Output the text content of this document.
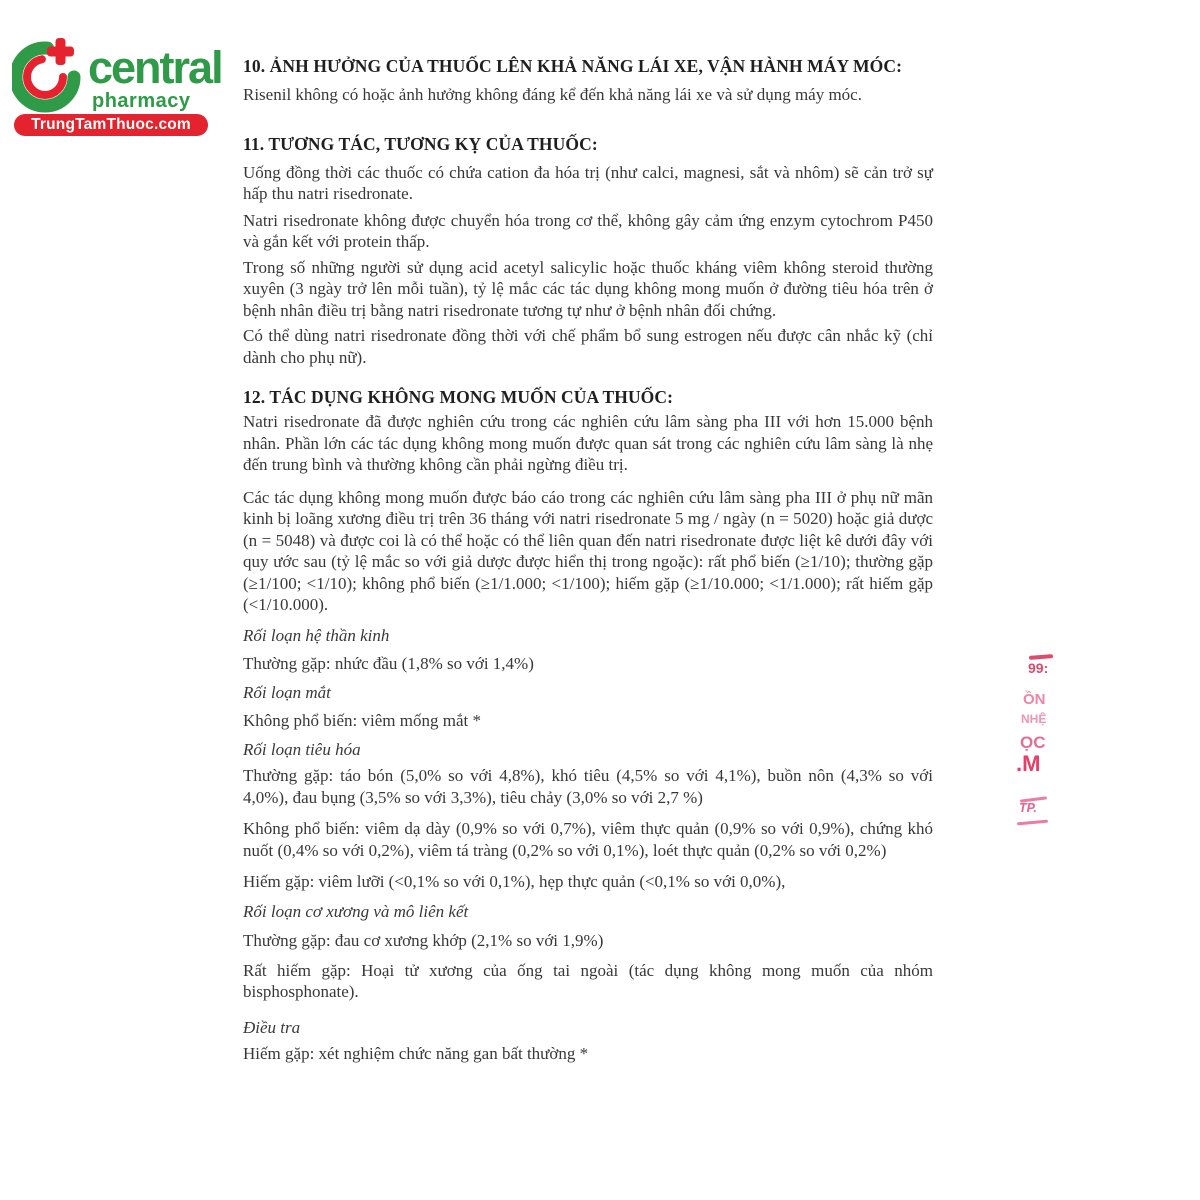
central
pharmacy
TrungTamThuoc.com
10. ẢNH HƯỞNG CỦA THUỐC LÊN KHẢ NĂNG LÁI XE, VẬN HÀNH MÁY MÓC:
Risenil không có hoặc ảnh hưởng không đáng kể đến khả năng lái xe và sử dụng máy móc.
11. TƯƠNG TÁC, TƯƠNG KỴ CỦA THUỐC:
Uống đồng thời các thuốc có chứa cation đa hóa trị (như calci, magnesi, sắt và nhôm) sẽ cản trở sự hấp thu natri risedronate.
Natri risedronate không được chuyển hóa trong cơ thể, không gây cảm ứng enzym cytochrom P450 và gắn kết với protein thấp.
Trong số những người sử dụng acid acetyl salicylic hoặc thuốc kháng viêm không steroid thường xuyên (3 ngày trở lên mỗi tuần), tỷ lệ mắc các tác dụng không mong muốn ở đường tiêu hóa trên ở bệnh nhân điều trị bằng natri risedronate tương tự như ở bệnh nhân đối chứng.
Có thể dùng natri risedronate đồng thời với chế phẩm bổ sung estrogen nếu được cân nhắc kỹ (chỉ dành cho phụ nữ).
12. TÁC DỤNG KHÔNG MONG MUỐN CỦA THUỐC:
Natri risedronate đã được nghiên cứu trong các nghiên cứu lâm sàng pha III với hơn 15.000 bệnh nhân. Phần lớn các tác dụng không mong muốn được quan sát trong các nghiên cứu lâm sàng là nhẹ đến trung bình và thường không cần phải ngừng điều trị.
Các tác dụng không mong muốn được báo cáo trong các nghiên cứu lâm sàng pha III ở phụ nữ mãn kinh bị loãng xương điều trị trên 36 tháng với natri risedronate 5 mg / ngày (n = 5020) hoặc giả dược (n = 5048) và được coi là có thể hoặc có thể liên quan đến natri risedronate được liệt kê dưới đây với quy ước sau (tỷ lệ mắc so với giả dược được hiển thị trong ngoặc): rất phổ biến (≥1/10); thường gặp (≥1/100; <1/10); không phổ biến (≥1/1.000; <1/100); hiếm gặp (≥1/10.000; <1/1.000); rất hiếm gặp (<1/10.000).
Rối loạn hệ thần kinh
Thường gặp: nhức đầu (1,8% so với 1,4%)
Rối loạn mắt
Không phổ biến: viêm mống mắt *
Rối loạn tiêu hóa
Thường gặp: táo bón (5,0% so với 4,8%), khó tiêu (4,5% so với 4,1%), buồn nôn (4,3% so với 4,0%), đau bụng (3,5% so với 3,3%), tiêu chảy (3,0% so với 2,7 %)
Không phổ biến: viêm dạ dày (0,9% so với 0,7%), viêm thực quản (0,9% so với 0,9%), chứng khó nuốt (0,4% so với 0,2%), viêm tá tràng (0,2% so với 0,1%), loét thực quản (0,2% so với 0,2%)
Hiếm gặp: viêm lưỡi (<0,1% so với 0,1%), hẹp thực quản (<0,1% so với 0,0%),
Rối loạn cơ xương và mô liên kết
Thường gặp: đau cơ xương khớp (2,1% so với 1,9%)
Rất hiếm gặp: Hoại tử xương của ống tai ngoài (tác dụng không mong muốn của nhóm bisphosphonate).
Điều tra
Hiếm gặp: xét nghiệm chức năng gan bất thường *
99:
ỒN
NHỆ
ỌC
.M
TP.
